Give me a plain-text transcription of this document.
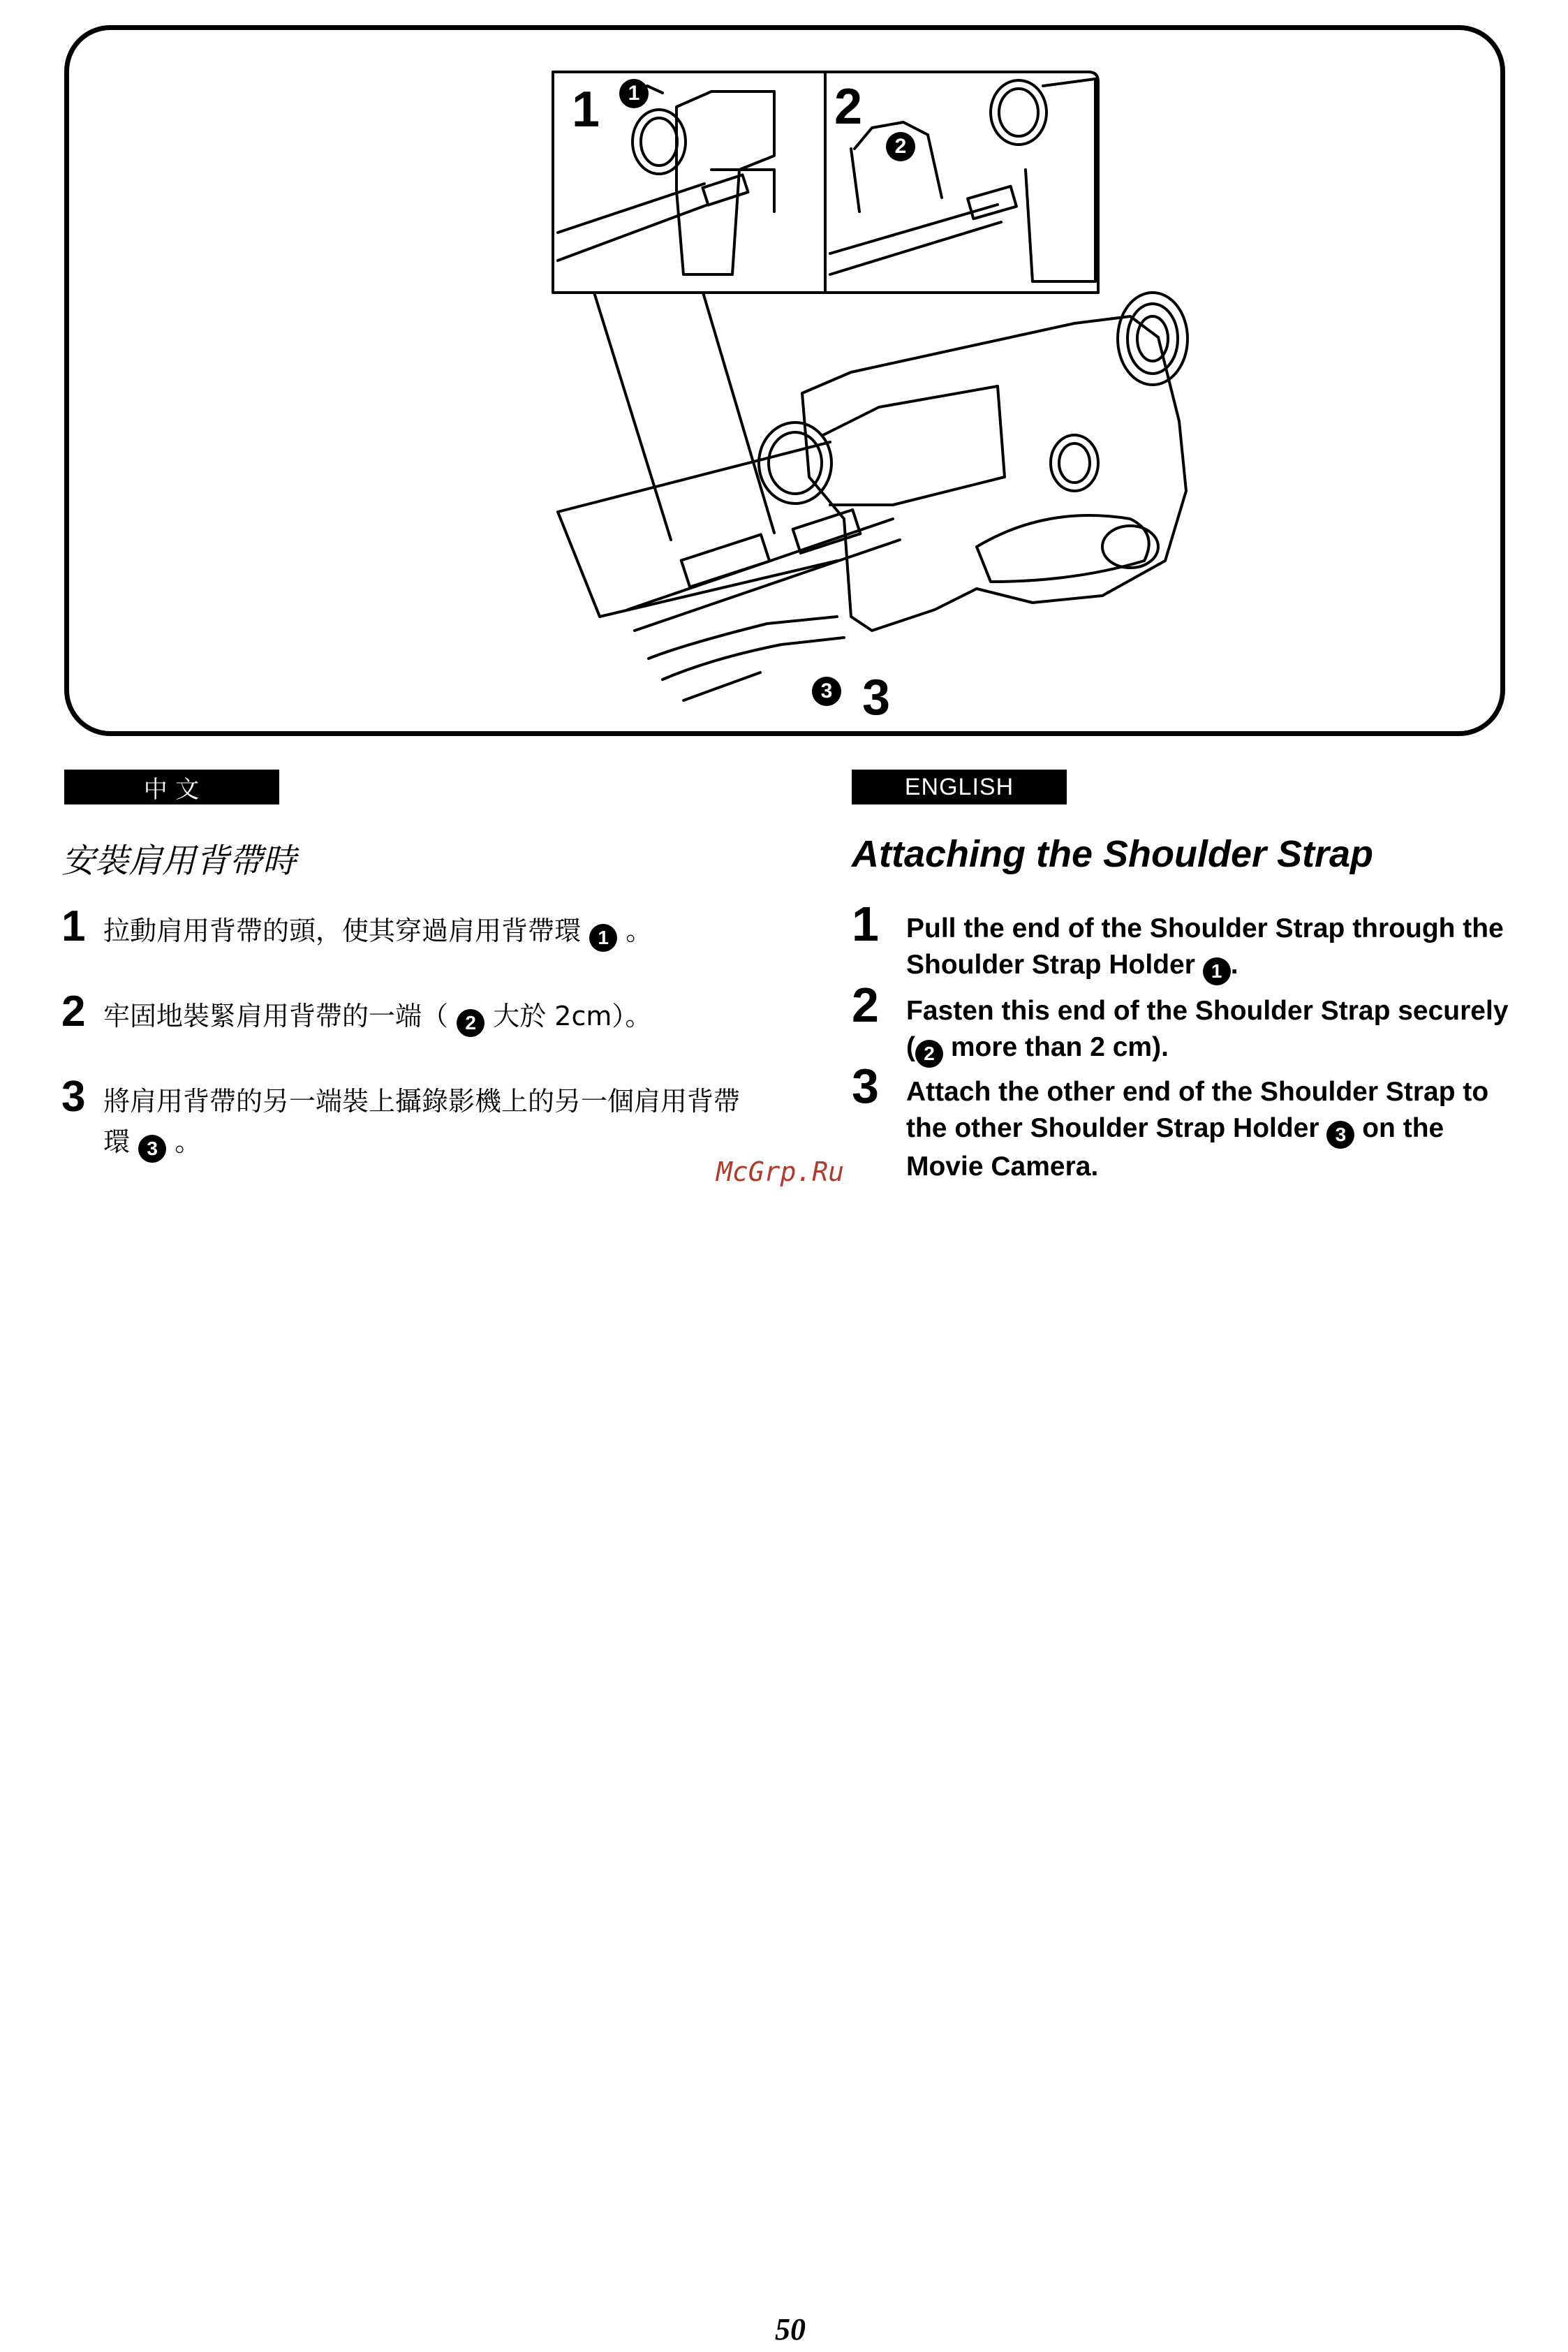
1	1	2
2
3 3
中 文
安裝肩用背帶時
1 拉動肩用背帶的頭，使其穿過肩用背帶環 1 。
2 牢固地裝緊肩用背帶的一端（ 2 大於 2cm）。
3 將肩用背帶的另一端裝上攝錄影機上的另一個肩用背帶環 3 。
ENGLISH
Attaching the Shoulder Strap
1 Pull the end of the Shoulder Strap through the Shoulder Strap Holder 1 .
2 Fasten this end of the Shoulder Strap securely ( 2 more than 2 cm).
3 Attach the other end of the Shoulder Strap to the other Shoulder Strap Holder 3 on the Movie Camera.
McGrp.Ru
50
